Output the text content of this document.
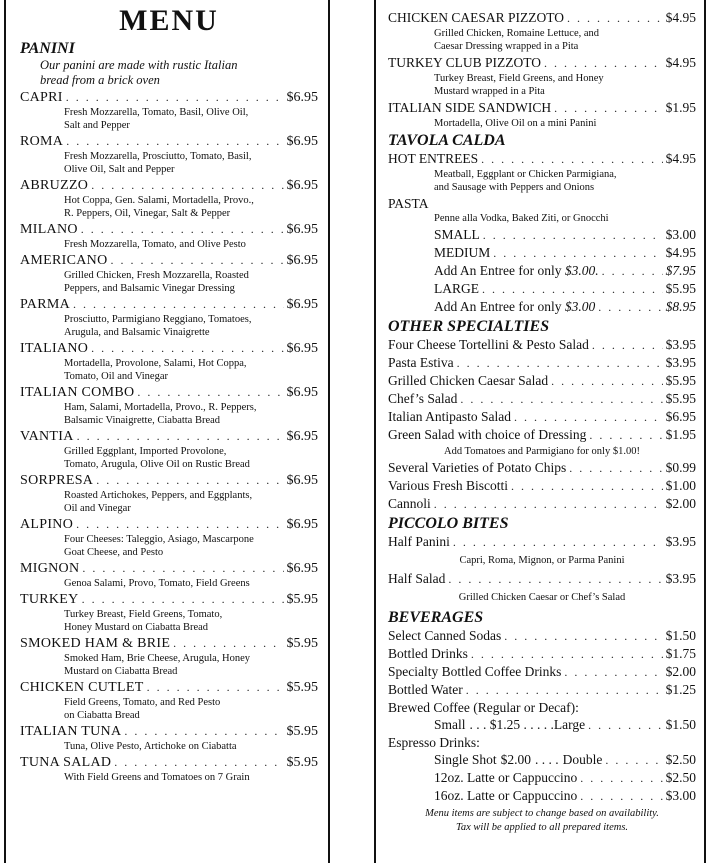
MENU
PANINI
Our panini are made with rustic Italian
bread from a brick oven
CAPRI . . .	$6.95
Fresh Mozzarella, Tomato, Basil, Olive Oil,
Salt and Pepper
ROMA . . .	$6.95
Fresh Mozzarella, Prosciutto, Tomato, Basil,
Olive Oil, Salt and Pepper
ABRUZZO . . .	$6.95
Hot Coppa, Gen. Salami, Mortadella, Provo.,
R. Peppers, Oil, Vinegar, Salt & Pepper
MILANO . . .	$6.95
Fresh Mozzarella, Tomato, and Olive Pesto
AMERICANO . . .	$6.95
Grilled Chicken, Fresh Mozzarella, Roasted
Peppers, and Balsamic Vinegar Dressing
PARMA . . .	$6.95
Prosciutto, Parmigiano Reggiano, Tomatoes,
Arugula, and Balsamic Vinaigrette
ITALIANO . . .	$6.95
Mortadella, Provolone, Salami, Hot Coppa,
Tomato, Oil and Vinegar
ITALIAN COMBO . . .	$6.95
Ham, Salami, Mortadella, Provo., R. Peppers,
Balsamic Vinaigrette, Ciabatta Bread
VANTIA . . .	$6.95
Grilled Eggplant, Imported Provolone,
Tomato, Arugula, Olive Oil on Rustic Bread
SORPRESA . . .	$6.95
Roasted Artichokes, Peppers, and Eggplants,
Oil and Vinegar
ALPINO . . .	$6.95
Four Cheeses: Taleggio, Asiago, Mascarpone
Goat Cheese, and Pesto
MIGNON . . .	$6.95
Genoa Salami, Provo, Tomato, Field Greens
TURKEY . . .	$5.95
Turkey Breast, Field Greens, Tomato,
Honey Mustard on Ciabatta Bread
SMOKED HAM & BRIE . . .	$5.95
Smoked Ham, Brie Cheese, Arugula, Honey
Mustard on Ciabatta Bread
CHICKEN CUTLET . . .	$5.95
Field Greens, Tomato, and Red Pesto
on Ciabatta Bread
ITALIAN TUNA . . .	$5.95
Tuna, Olive Pesto, Artichoke on Ciabatta
TUNA SALAD . . .	$5.95
With Field Greens and Tomatoes on 7 Grain
CHICKEN CAESAR PIZZOTO . . .	$4.95
Grilled Chicken, Romaine Lettuce, and
Caesar Dressing wrapped in a Pita
TURKEY CLUB PIZZOTO . . .	$4.95
Turkey Breast, Field Greens, and Honey
Mustard wrapped in a Pita
ITALIAN SIDE SANDWICH . . .	$1.95
Mortadella, Olive Oil on a mini Panini
TAVOLA CALDA
HOT ENTREES . . .	$4.95
Meatball, Eggplant or Chicken Parmigiana,
and Sausage with Peppers and Onions
PASTA
Penne alla Vodka, Baked Ziti, or Gnocchi
SMALL . . .	$3.00
MEDIUM . . .	$4.95
Add An Entree for only $3.00. . . .	$7.95
LARGE . . .	$5.95
Add An Entree for only $3.00 . . .	$8.95
OTHER SPECIALTIES
Four Cheese Tortellini & Pesto Salad . . .	$3.95
Pasta Estiva . . .	$3.95
Grilled Chicken Caesar Salad . . .	$5.95
Chef’s Salad . . .	$5.95
Italian Antipasto Salad . . .	$6.95
Green Salad with choice of Dressing . . .	$1.95
Add Tomatoes and Parmigiano for only $1.00!
Several Varieties of Potato Chips . . .	$0.99
Various Fresh Biscotti . . .	$1.00
Cannoli . . .	$2.00
PICCOLO BITES
Half Panini . . .	$3.95
Capri, Roma, Mignon, or Parma Panini
Half Salad . . .	$3.95
Grilled Chicken Caesar or Chef’s Salad
BEVERAGES
Select Canned Sodas . . .	$1.50
Bottled Drinks . . .	$1.75
Specialty Bottled Coffee Drinks . . .	$2.00
Bottled Water . . .	$1.25
Brewed Coffee (Regular or Decaf):
Small . . . $1.25 . . . . . Large . . .	$1.50
Espresso Drinks:
Single Shot $2.00 . . . . Double . . .	$2.50
12oz. Latte or Cappuccino . . .	$2.50
16oz. Latte or Cappuccino . . .	$3.00
Menu items are subject to change based on availability.
Tax will be applied to all prepared items.
